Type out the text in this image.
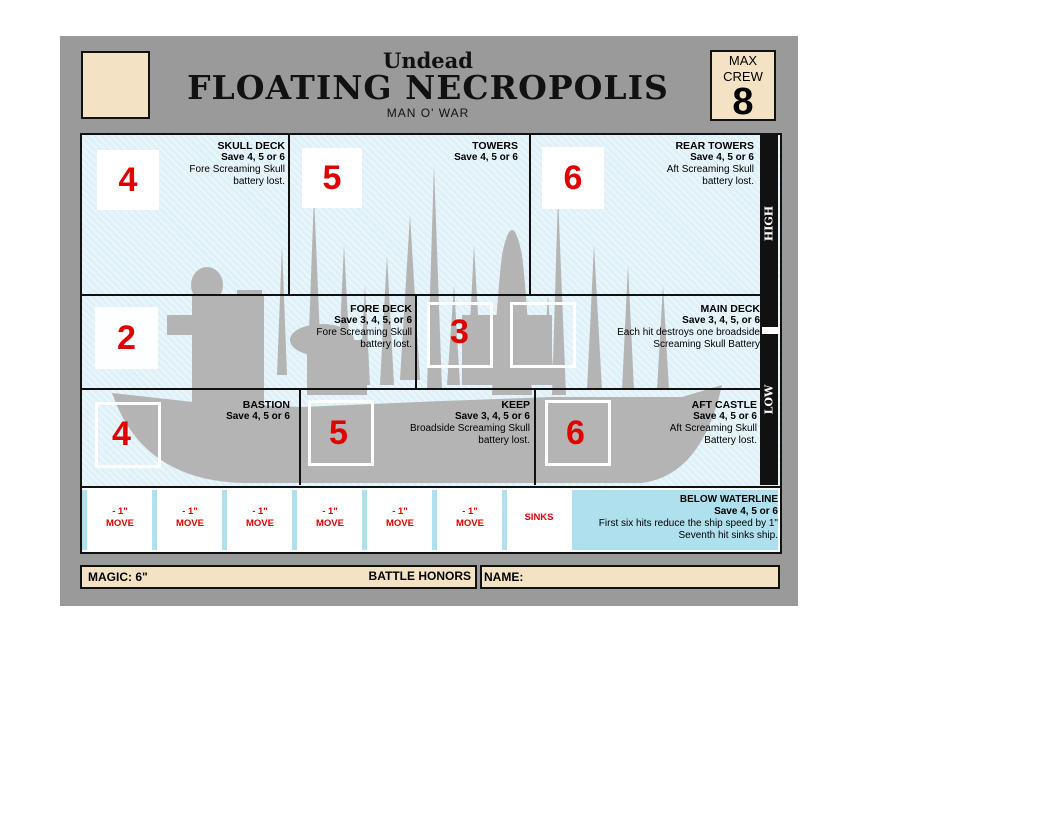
Undead
FLOATING NECROPOLIS
MAN O' WAR
MAX
CREW
8
HIGH
LOW
4
SKULL DECK
Save 4, 5 or 6
Fore Screaming Skull
battery lost.	5
TOWERS
Save 4, 5 or 6
6
REAR TOWERS
Save 4, 5 or 6
Aft Screaming Skull
battery lost.
2
FORE DECK
Save 3, 4, 5, or 6
Fore Screaming Skull
battery lost. 3
MAIN DECK
Save 3, 4, 5, or 6
Each hit destroys one broadside
Screaming Skull Battery
4
BASTION
Save 4, 5 or 6 5
KEEP
Save 3, 4, 5 or 6
Broadside Screaming Skull
battery lost. 6
AFT CASTLE
Save 4, 5 or 6
Aft Screaming Skull
Battery lost.
- 1"
MOVE
- 1"
MOVE
- 1"
MOVE
- 1"
MOVE
- 1"
MOVE
- 1"
MOVE
SINKS
BELOW WATERLINE
Save 4, 5 or 6
First six hits reduce the ship speed by 1"
Seventh hit sinks ship.
MAGIC: 6"	BATTLE HONORS NAME:
